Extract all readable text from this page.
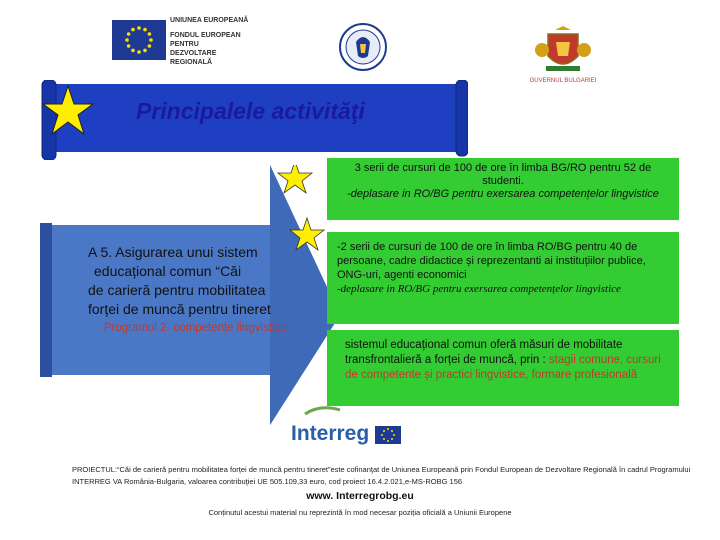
UNIUNEA EUROPEANĂ
FONDUL EUROPEAN PENTRU
DEZVOLTARE REGIONALĂ
GUVERNUL BULGARIEI
Principalele activităţi
A 5. Asigurarea unui sistem
educațional comun “Căi
de carieră pentru mobilitatea
forței de muncă pentru tineret
-Programul 2- competențe lingvistice
3 serii de cursuri de 100 de ore în limba BG/RO pentru 52 de studenti.
-deplasare in RO/BG pentru exersarea competențelor lingvistice
-2 serii de cursuri de 100 de ore în limba RO/BG pentru 40 de persoane, cadre didactice și reprezentanti ai instituțiilor publice, ONG-uri, agenti economici
-deplasare in RO/BG pentru exersarea competențelor lingvistice
sistemul educațional comun oferă măsuri de mobilitate transfrontalieră a forței de muncă, prin : stagii comune, cursuri de competente și practici lingvistice, formare profesională
Interreg
PROIECTUL:“Căi de carieră pentru mobilitatea forței de muncă pentru tineret”este cofinanţat de Uniunea Europeană prin Fondul European de Dezvoltare Regională în cadrul Programului INTERREG VA România-Bulgaria, valoarea contribuţiei UE 505.109,33 euro, cod proiect 16.4.2.021,e-MS-ROBG 156
www. Interregrobg.eu
Conținutul acestui material nu reprezintă în mod necesar poziția oficială a Uniunii Europene
